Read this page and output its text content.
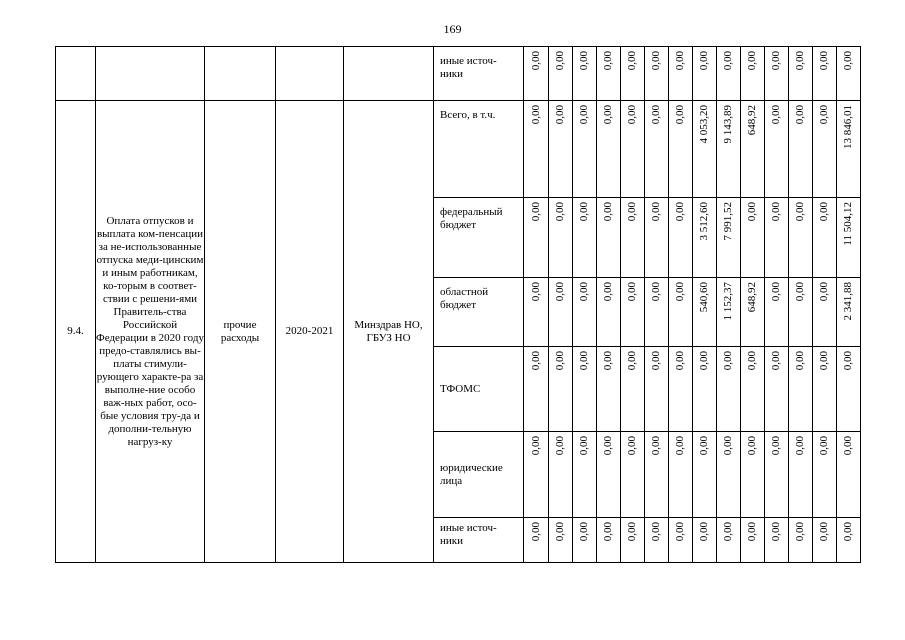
169
					иные источ-
ники	0,00	0,00	0,00	0,00	0,00	0,00	0,00	0,00	0,00	0,00	0,00	0,00	0,00	0,00

9.4.	Оплата отпусков и выплата ком-пенсации за не-использованные отпуска меди-цинским и иным работникам, ко-торым в соответ-ствии с решени-ями Правитель-ства Российской Федерации в 2020 году предо-ставлялись вы-платы стимули-рующего характе-ра за выполне-ние особо важ-ных работ, осо-бые условия тру-да и дополни-тельную нагруз-ку	прочие расходы	2020-2021	Минздрав НО, ГБУЗ НО	Всего, в т.ч.	0,00	0,00	0,00	0,00	0,00	0,00	0,00	4 053,20	9 143,89	648,92	0,00	0,00	0,00	13 846,01

					федеральный бюджет	0,00	0,00	0,00	0,00	0,00	0,00	0,00	3 512,60	7 991,52	0,00	0,00	0,00	0,00	11 504,12

					областной бюджет	0,00	0,00	0,00	0,00	0,00	0,00	0,00	540,60	1 152,37	648,92	0,00	0,00	0,00	2 341,88

					ТФОМС	0,00	0,00	0,00	0,00	0,00	0,00	0,00	0,00	0,00	0,00	0,00	0,00	0,00	0,00

					юридические лица	0,00	0,00	0,00	0,00	0,00	0,00	0,00	0,00	0,00	0,00	0,00	0,00	0,00	0,00

					иные источ-
ники	0,00	0,00	0,00	0,00	0,00	0,00	0,00	0,00	0,00	0,00	0,00	0,00	0,00	0,00
